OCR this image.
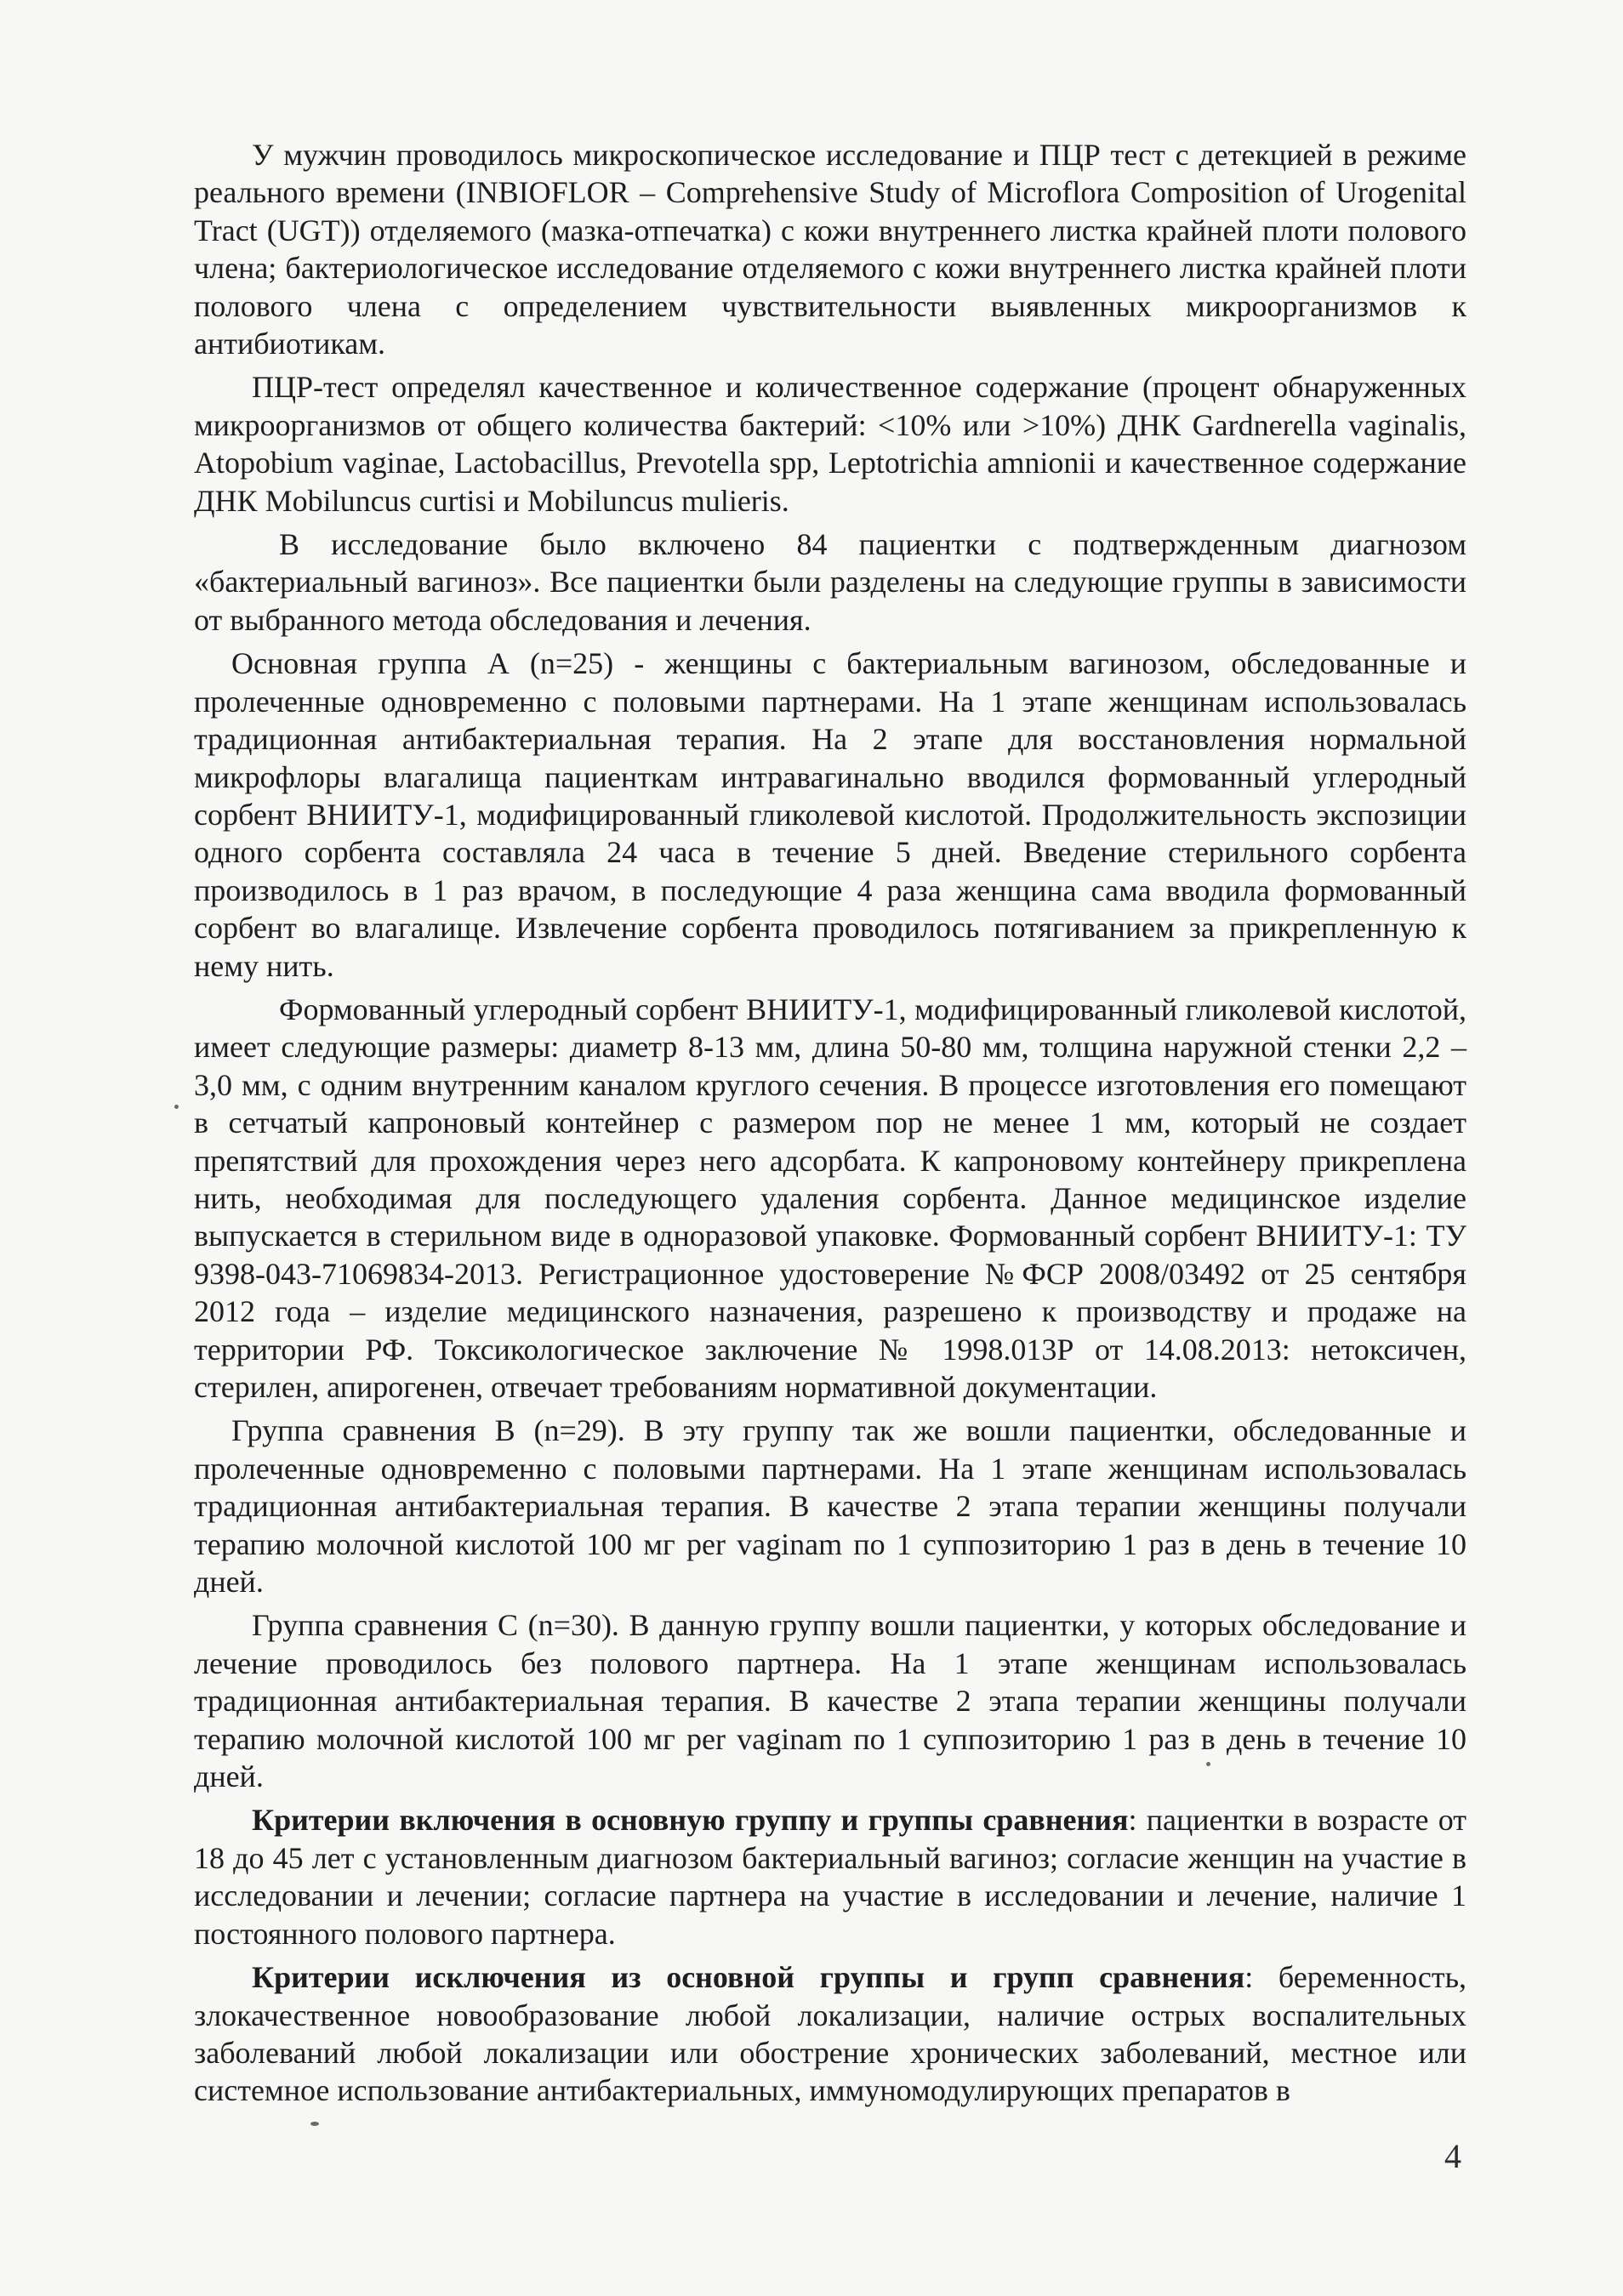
У мужчин проводилось микроскопическое исследование и ПЦР тест с детекцией в режиме реального времени (INBIOFLOR – Comprehensive Study of Microflora Composition of Urogenital Tract (UGT)) отделяемого (мазка-отпечатка) с кожи внутреннего листка крайней плоти полового члена; бактериологическое исследование отделяемого с кожи внутреннего листка крайней плоти полового члена с определением чувствительности выявленных микроорганизмов к антибиотикам.

ПЦР-тест определял качественное и количественное содержание (процент обнаруженных микроорганизмов от общего количества бактерий: <10% или >10%) ДНК Gardnerella vaginalis, Atopobium vaginae, Lactobacillus, Prevotella spp, Leptotrichia amnionii и качественное содержание ДНК Mobiluncus curtisi и Mobiluncus mulieris.

В исследование было включено 84 пациентки с подтвержденным диагнозом «бактериальный вагиноз». Все пациентки были разделены на следующие группы в зависимости от выбранного метода обследования и лечения.

Основная группа А (n=25) - женщины с бактериальным вагинозом, обследованные и пролеченные одновременно с половыми партнерами. На 1 этапе женщинам использовалась традиционная антибактериальная терапия. На 2 этапе для восстановления нормальной микрофлоры влагалища пациенткам интравагинально вводился формованный углеродный сорбент ВНИИТУ-1, модифицированный гликолевой кислотой. Продолжительность экспозиции одного сорбента составляла 24 часа в течение 5 дней. Введение стерильного сорбента производилось в 1 раз врачом, в последующие 4 раза женщина сама вводила формованный сорбент во влагалище. Извлечение сорбента проводилось потягиванием за прикрепленную к нему нить.

Формованный углеродный сорбент ВНИИТУ-1, модифицированный гликолевой кислотой, имеет следующие размеры: диаметр 8-13 мм, длина 50-80 мм, толщина наружной стенки 2,2 – 3,0 мм, с одним внутренним каналом круглого сечения. В процессе изготовления его помещают в сетчатый капроновый контейнер с размером пор не менее 1 мм, который не создает препятствий для прохождения через него адсорбата. К капроновому контейнеру прикреплена нить, необходимая для последующего удаления сорбента. Данное медицинское изделие выпускается в стерильном виде в одноразовой упаковке. Формованный сорбент ВНИИТУ-1: ТУ 9398-043-71069834-2013. Регистрационное удостоверение №ФСР 2008/03492 от 25 сентября 2012 года – изделие медицинского назначения, разрешено к производству и продаже на территории РФ. Токсикологическое заключение № 1998.013Р от 14.08.2013: нетоксичен, стерилен, апирогенен, отвечает требованиям нормативной документации.

Группа сравнения В (n=29). В эту группу так же вошли пациентки, обследованные и пролеченные одновременно с половыми партнерами. На 1 этапе женщинам использовалась традиционная антибактериальная терапия. В качестве 2 этапа терапии женщины получали терапию молочной кислотой 100 мг per vaginam по 1 суппозиторию 1 раз в день в течение 10 дней.

Группа сравнения С (n=30). В данную группу вошли пациентки, у которых обследование и лечение проводилось без полового партнера. На 1 этапе женщинам использовалась традиционная антибактериальная терапия. В качестве 2 этапа терапии женщины получали терапию молочной кислотой 100 мг per vaginam по 1 суппозиторию 1 раз в день в течение 10 дней.

Критерии включения в основную группу и группы сравнения: пациентки в возрасте от 18 до 45 лет с установленным диагнозом бактериальный вагиноз; согласие женщин на участие в исследовании и лечении; согласие партнера на участие в исследовании и лечение, наличие 1 постоянного полового партнера.

Критерии исключения из основной группы и групп сравнения: беременность, злокачественное новообразование любой локализации, наличие острых воспалительных заболеваний любой локализации или обострение хронических заболеваний, местное или системное использование антибактериальных, иммуномодулирующих препаратов в

4
